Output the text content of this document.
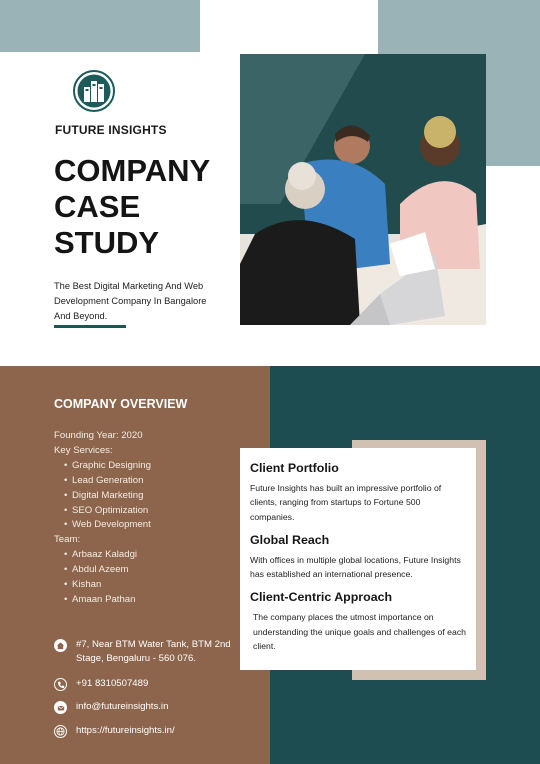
FUTURE INSIGHTS
COMPANY
CASE
STUDY
The Best Digital Marketing And Web Development Company In Bangalore And Beyond.
COMPANY OVERVIEW
Founding Year: 2020
Key Services:
• Graphic Designing
• Lead Generation
• Digital Marketing
• SEO Optimization
• Web Development
Team:
• Arbaaz Kaladgi
• Abdul Azeem
• Kishan
• Amaan Pathan
#7, Near BTM Water Tank, BTM 2nd Stage, Bengaluru - 560 076.
+91 8310507489
info@futureinsights.in
https://futureinsights.in/
Client Portfolio

Future Insights has built an impressive portfolio of clients, ranging from startups to Fortune 500 companies.

Global Reach

With offices in multiple global locations, Future Insights has established an international presence.

Client-Centric Approach

The company places the utmost importance on understanding the unique goals and challenges of each client.
